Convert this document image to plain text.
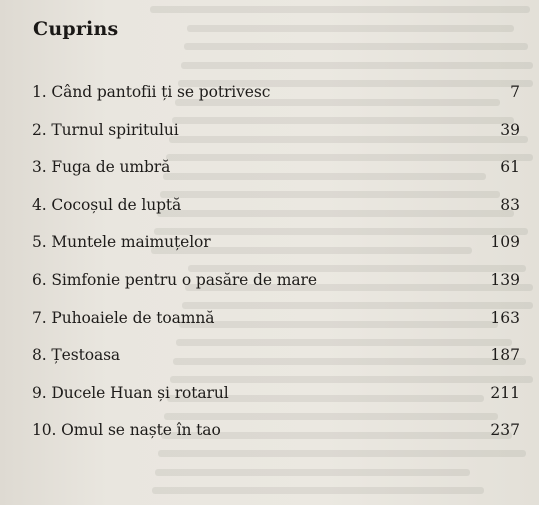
Cuprins
1. Când pantofii ți se potrivesc	7
2. Turnul spiritului	39
3. Fuga de umbră	61
4. Cocoșul de luptă	83
5. Muntele maimuțelor	109
6. Simfonie pentru o pasăre de mare	139
7. Puhoaiele de toamnă	163
8. Țestoasa	187
9. Ducele Huan și rotarul	211
10. Omul se naște în tao	237
